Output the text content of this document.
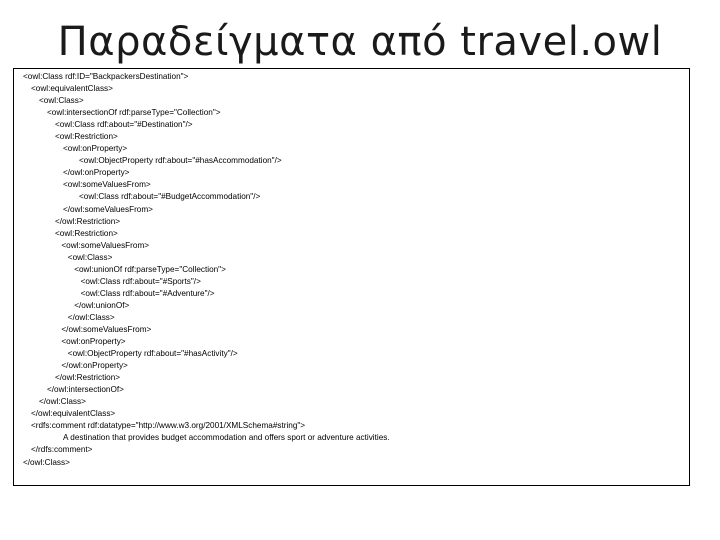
Παραδείγματα από travel.owl
<owl:Class rdf:ID="BackpackersDestination">
<owl:equivalentClass>
<owl:Class>
<owl:intersectionOf rdf:parseType="Collection">
<owl:Class rdf:about="#Destination"/>
<owl:Restriction>
<owl:onProperty>
<owl:ObjectProperty rdf:about="#hasAccommodation"/>
</owl:onProperty>
<owl:someValuesFrom>
<owl:Class rdf:about="#BudgetAccommodation"/>
</owl:someValuesFrom>
</owl:Restriction>
<owl:Restriction>
<owl:someValuesFrom>
<owl:Class>
<owl:unionOf rdf:parseType="Collection">
<owl:Class rdf:about="#Sports"/>
<owl:Class rdf:about="#Adventure"/>
</owl:unionOf>
</owl:Class>
</owl:someValuesFrom>
<owl:onProperty>
<owl:ObjectProperty rdf:about="#hasActivity"/>
</owl:onProperty>
</owl:Restriction>
</owl:intersectionOf>
</owl:Class>
</owl:equivalentClass>
<rdfs:comment rdf:datatype="http://www.w3.org/2001/XMLSchema#string">
A destination that provides budget accommodation and offers sport or adventure activities.
</rdfs:comment>
</owl:Class>
